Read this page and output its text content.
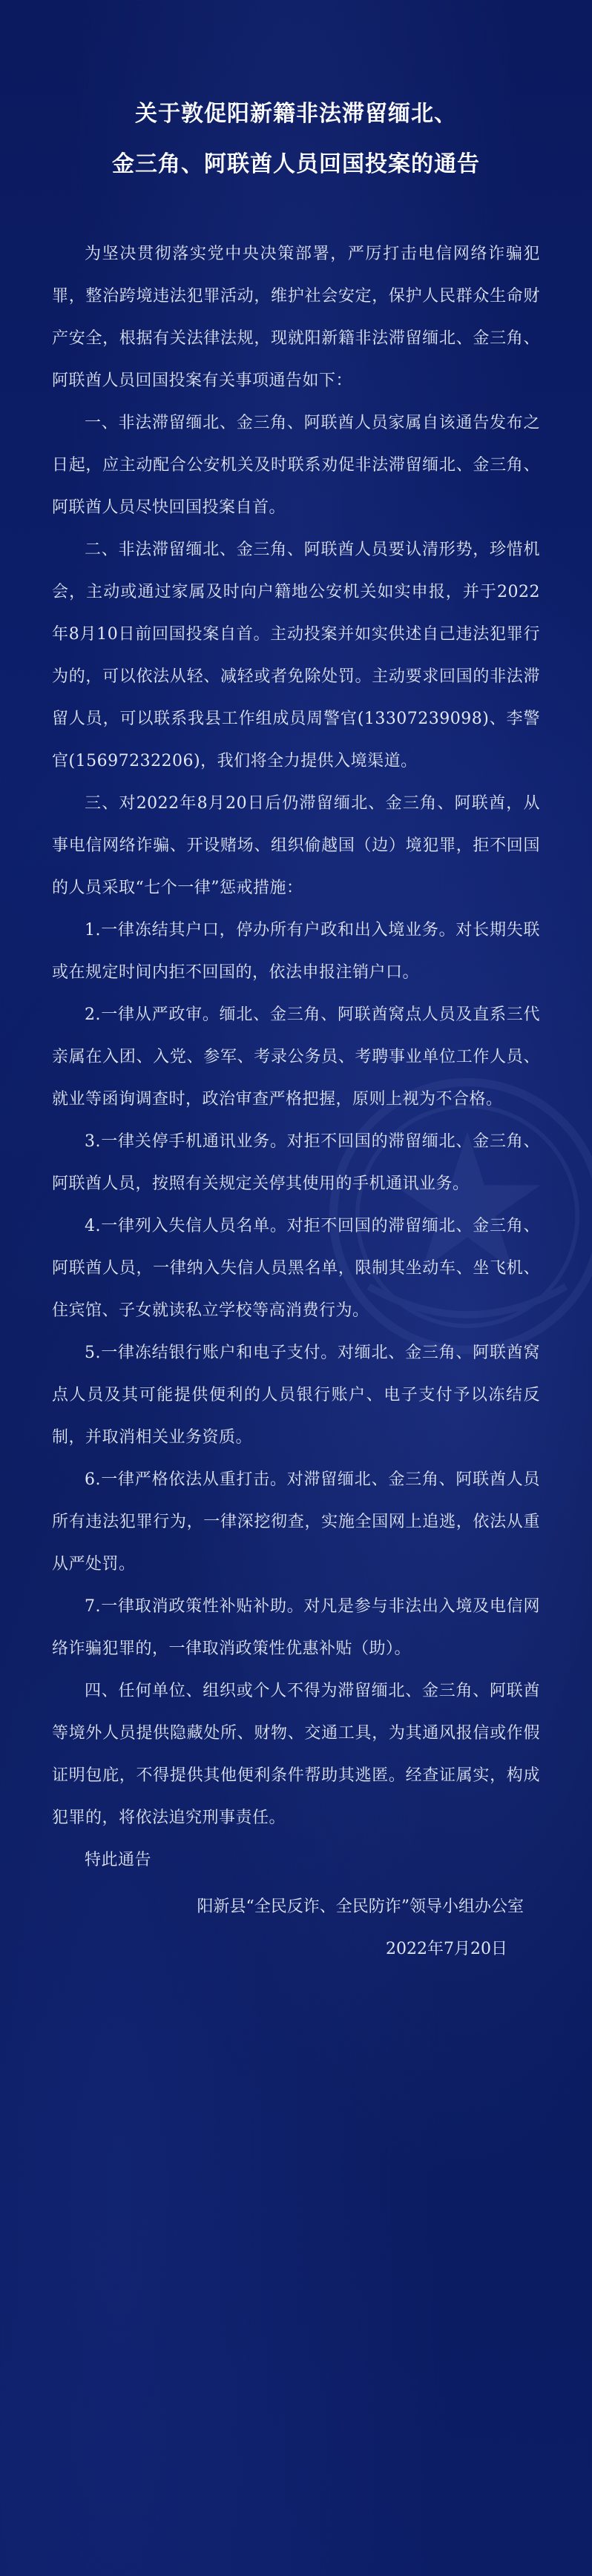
关于敦促阳新籍非法滞留缅北、
金三角、阿联酋人员回国投案的通告

为坚决贯彻落实党中央决策部署，严厉打击电信网络诈骗犯罪，整治跨境违法犯罪活动，维护社会安定，保护人民群众生命财产安全，根据有关法律法规，现就阳新籍非法滞留缅北、金三角、阿联酋人员回国投案有关事项通告如下：

一、非法滞留缅北、金三角、阿联酋人员家属自该通告发布之日起，应主动配合公安机关及时联系劝促非法滞留缅北、金三角、阿联酋人员尽快回国投案自首。

二、非法滞留缅北、金三角、阿联酋人员要认清形势，珍惜机会，主动或通过家属及时向户籍地公安机关如实申报，并于2022年8月10日前回国投案自首。主动投案并如实供述自己违法犯罪行为的，可以依法从轻、减轻或者免除处罚。主动要求回国的非法滞留人员，可以联系我县工作组成员周警官(13307239098)、李警官(15697232206)，我们将全力提供入境渠道。

三、对2022年8月20日后仍滞留缅北、金三角、阿联酋，从事电信网络诈骗、开设赌场、组织偷越国（边）境犯罪，拒不回国的人员采取“七个一律”惩戒措施：

1.一律冻结其户口，停办所有户政和出入境业务。对长期失联或在规定时间内拒不回国的，依法申报注销户口。

2.一律从严政审。缅北、金三角、阿联酋窝点人员及直系三代亲属在入团、入党、参军、考录公务员、考聘事业单位工作人员、就业等函询调查时，政治审查严格把握，原则上视为不合格。

3.一律关停手机通讯业务。对拒不回国的滞留缅北、金三角、阿联酋人员，按照有关规定关停其使用的手机通讯业务。

4.一律列入失信人员名单。对拒不回国的滞留缅北、金三角、阿联酋人员，一律纳入失信人员黑名单，限制其坐动车、坐飞机、住宾馆、子女就读私立学校等高消费行为。

5.一律冻结银行账户和电子支付。对缅北、金三角、阿联酋窝点人员及其可能提供便利的人员银行账户、电子支付予以冻结反制，并取消相关业务资质。

6.一律严格依法从重打击。对滞留缅北、金三角、阿联酋人员所有违法犯罪行为，一律深挖彻查，实施全国网上追逃，依法从重从严处罚。

7.一律取消政策性补贴补助。对凡是参与非法出入境及电信网络诈骗犯罪的，一律取消政策性优惠补贴（助）。

四、任何单位、组织或个人不得为滞留缅北、金三角、阿联酋等境外人员提供隐藏处所、财物、交通工具，为其通风报信或作假证明包庇，不得提供其他便利条件帮助其逃匿。经查证属实，构成犯罪的，将依法追究刑事责任。

特此通告

阳新县“全民反诈、全民防诈”领导小组办公室
2022年7月20日
